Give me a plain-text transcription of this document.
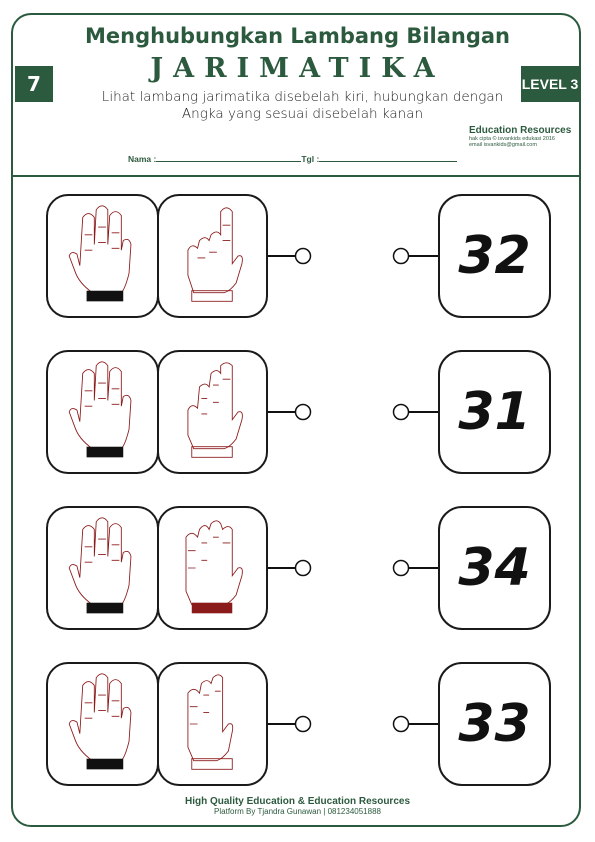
Menghubungkan Lambang Bilangan
JARIMATIKA
Lihat lambang jarimatika disebelah kiri, hubungkan dengan
Angka yang sesuai disebelah kanan
7	LEVEL 3
Education Resources
hak cipta © isvankids edukasi 2016
email isvankids@gmail.com
Nama :	Tgl :
32
31
34
33
High Quality Education & Education Resources
Platform By Tjandra Gunawan | 081234051888
